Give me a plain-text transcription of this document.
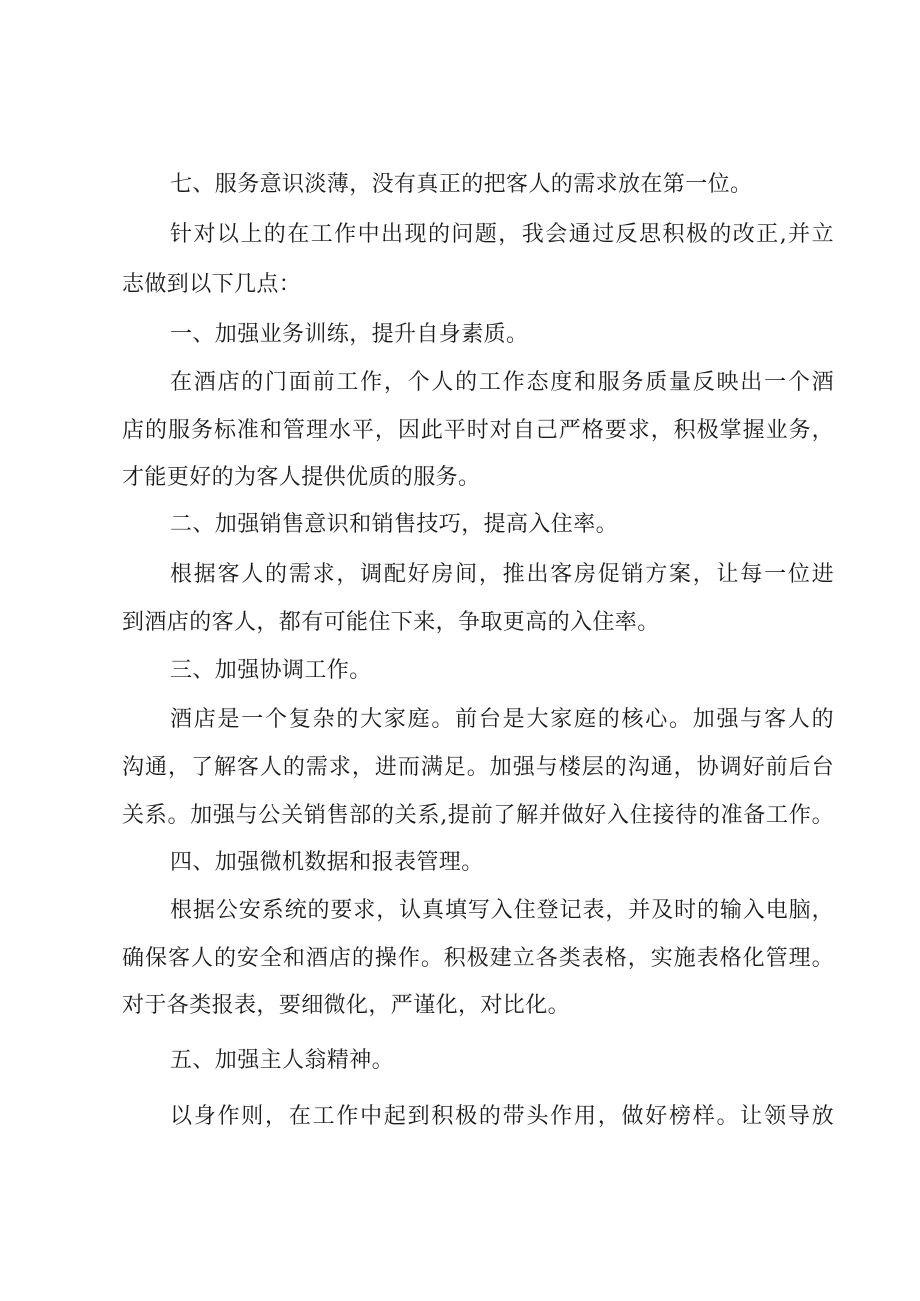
七、服务意识淡薄，没有真正的把客人的需求放在第一位。
针对以上的在工作中出现的问题，我会通过反思积极的改正,并立
志做到以下几点：
一、加强业务训练，提升自身素质。
在酒店的门面前工作，个人的工作态度和服务质量反映出一个酒
店的服务标准和管理水平，因此平时对自己严格要求，积极掌握业务，
才能更好的为客人提供优质的服务。
二、加强销售意识和销售技巧，提高入住率。
根据客人的需求，调配好房间，推出客房促销方案，让每一位进
到酒店的客人，都有可能住下来，争取更高的入住率。
三、加强协调工作。
酒店是一个复杂的大家庭。前台是大家庭的核心。加强与客人的
沟通，了解客人的需求，进而满足。加强与楼层的沟通，协调好前后台
关系。加强与公关销售部的关系,提前了解并做好入住接待的准备工作。
四、加强微机数据和报表管理。
根据公安系统的要求，认真填写入住登记表，并及时的输入电脑，
确保客人的安全和酒店的操作。积极建立各类表格，实施表格化管理。
对于各类报表，要细微化，严谨化，对比化。
五、加强主人翁精神。
以身作则，在工作中起到积极的带头作用，做好榜样。让领导放
